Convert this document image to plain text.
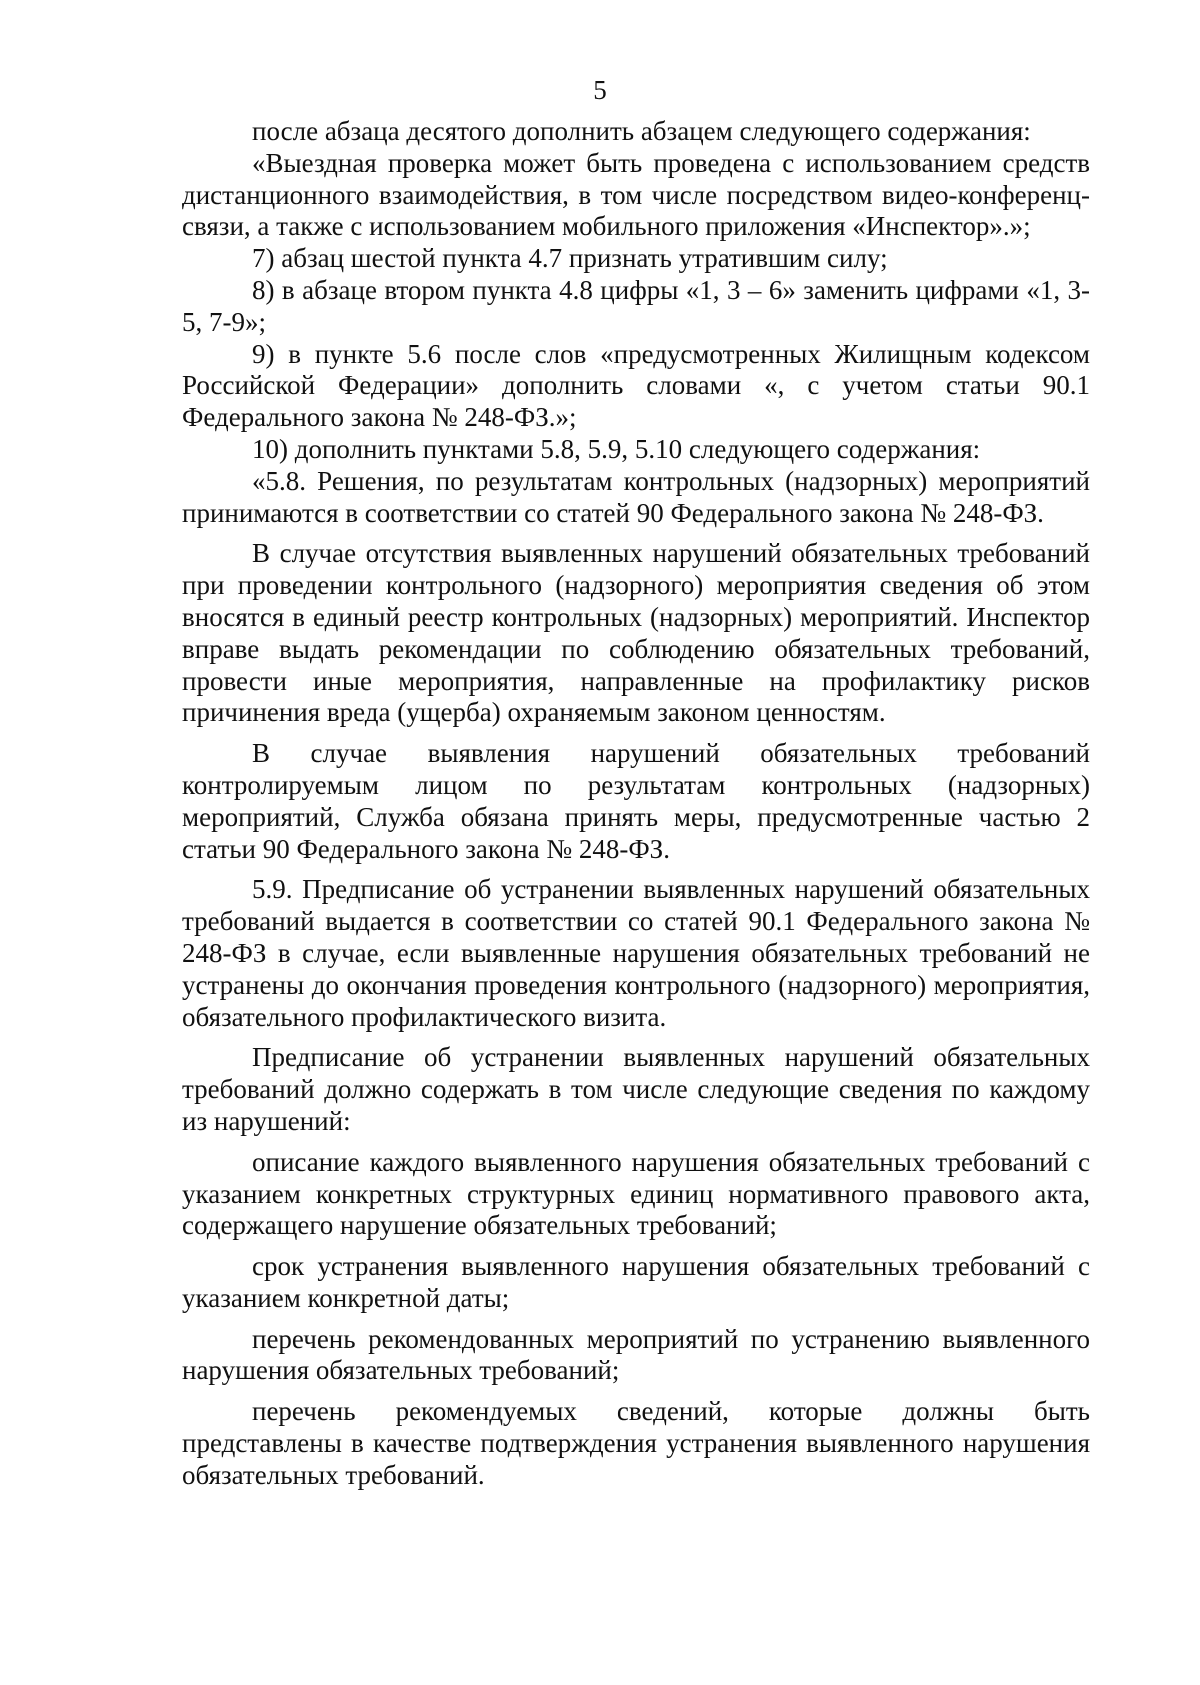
5

после абзаца десятого дополнить абзацем следующего содержания:

«Выездная проверка может быть проведена с использованием средств дистанционного взаимодействия, в том числе посредством видео-конференц-связи, а также с использованием мобильного приложения «Инспектор».»;

7) абзац шестой пункта 4.7 признать утратившим силу;

8) в абзаце втором пункта 4.8 цифры «1, 3 – 6» заменить цифрами «1, 3-5, 7-9»;

9) в пункте 5.6 после слов «предусмотренных Жилищным кодексом Российской Федерации» дополнить словами «, с учетом статьи 90.1 Федерального закона № 248-ФЗ.»;

10) дополнить пунктами 5.8, 5.9, 5.10 следующего содержания:

«5.8. Решения, по результатам контрольных (надзорных) мероприятий принимаются в соответствии со статей 90 Федерального закона № 248-ФЗ.

В случае отсутствия выявленных нарушений обязательных требований при проведении контрольного (надзорного) мероприятия сведения об этом вносятся в единый реестр контрольных (надзорных) мероприятий. Инспектор вправе выдать рекомендации по соблюдению обязательных требований, провести иные мероприятия, направленные на профилактику рисков причинения вреда (ущерба) охраняемым законом ценностям.

В случае выявления нарушений обязательных требований контролируемым лицом по результатам контрольных (надзорных) мероприятий, Служба обязана принять меры, предусмотренные частью 2 статьи 90 Федерального закона № 248-ФЗ.

5.9. Предписание об устранении выявленных нарушений обязательных требований выдается в соответствии со статей 90.1 Федерального закона № 248-ФЗ в случае, если выявленные нарушения обязательных требований не устранены до окончания проведения контрольного (надзорного) мероприятия, обязательного профилактического визита.

Предписание об устранении выявленных нарушений обязательных требований должно содержать в том числе следующие сведения по каждому из нарушений:

описание каждого выявленного нарушения обязательных требований с указанием конкретных структурных единиц нормативного правового акта, содержащего нарушение обязательных требований;

срок устранения выявленного нарушения обязательных требований с указанием конкретной даты;

перечень рекомендованных мероприятий по устранению выявленного нарушения обязательных требований;

перечень рекомендуемых сведений, которые должны быть представлены в качестве подтверждения устранения выявленного нарушения обязательных требований.
